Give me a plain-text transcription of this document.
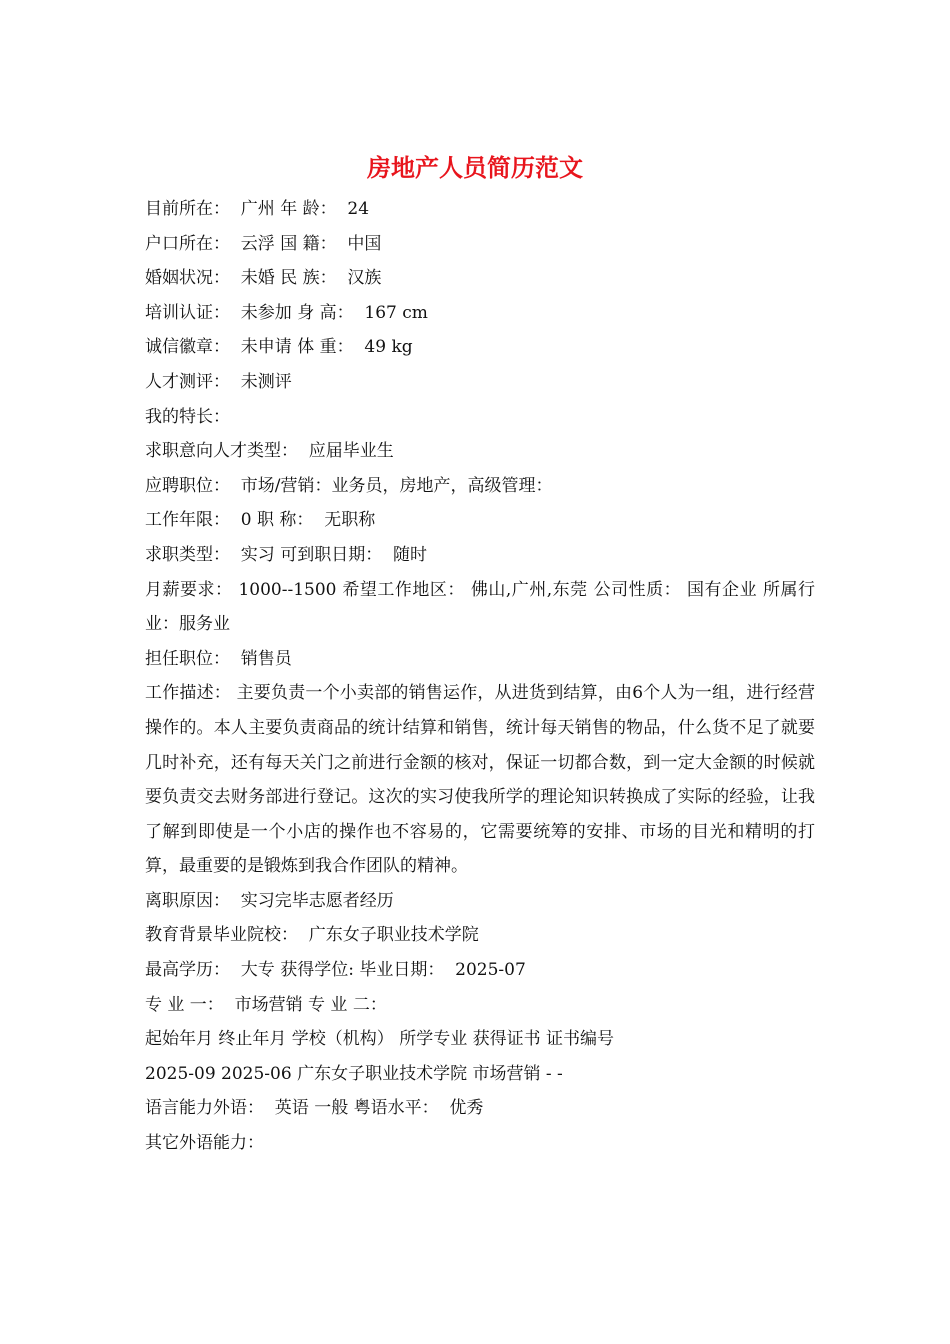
房地产人员简历范文

目前所在：  广州 年 龄：  24

户口所在：  云浮 国 籍：  中国

婚姻状况：  未婚 民 族：  汉族

培训认证：  未参加 身 高：  167 cm

诚信徽章：  未申请 体 重：  49 kg

人才测评：  未测评

我的特长：

求职意向人才类型：  应届毕业生

应聘职位：  市场/营销：业务员，房地产，高级管理：

工作年限：  0 职 称：  无职称

求职类型：  实习 可到职日期：  随时

月薪要求： 1000--1500 希望工作地区： 佛山,广州,东莞 公司性质： 国有企业 所属行业：服务业

担任职位：  销售员

工作描述： 主要负责一个小卖部的销售运作，从进货到结算，由6个人为一组，进行经营操作的。本人主要负责商品的统计结算和销售，统计每天销售的物品，什么货不足了就要几时补充，还有每天关门之前进行金额的核对，保证一切都合数，到一定大金额的时候就要负责交去财务部进行登记。这次的实习使我所学的理论知识转换成了实际的经验，让我了解到即使是一个小店的操作也不容易的，它需要统筹的安排、市场的目光和精明的打算，最重要的是锻炼到我合作团队的精神。

离职原因：  实习完毕志愿者经历

教育背景毕业院校：  广东女子职业技术学院

最高学历：  大专 获得学位: 毕业日期：  2025-07

专 业 一：  市场营销 专 业 二：

起始年月 终止年月 学校（机构） 所学专业 获得证书 证书编号

2025-09 2025-06 广东女子职业技术学院 市场营销 - -

语言能力外语：  英语 一般 粤语水平：  优秀

其它外语能力：
